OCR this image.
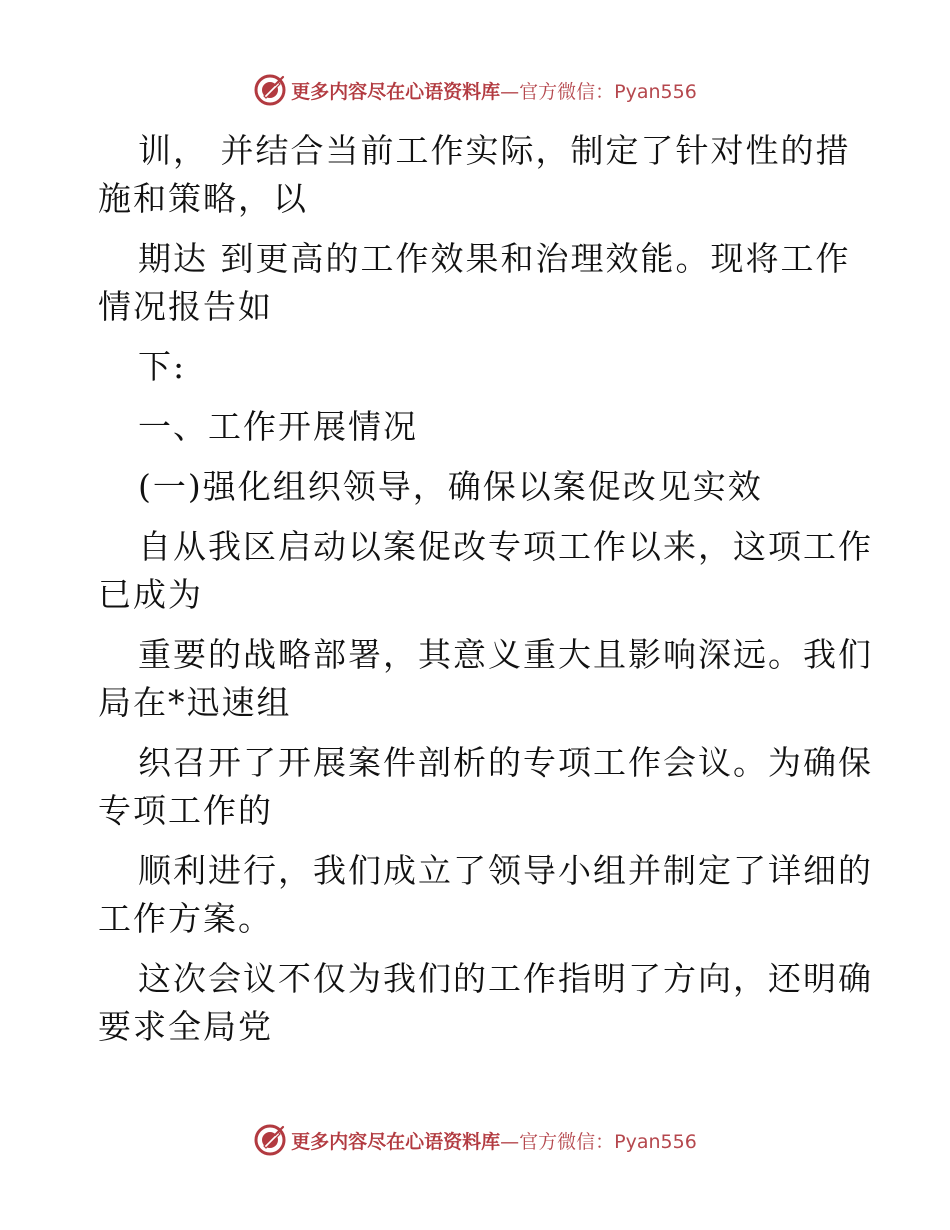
更多内容尽在心语资料库—官方微信：Pyan556
训， 并结合当前工作实际，制定了针对性的措
施和策略，以
期达 到更高的工作效果和治理效能。现将工作
情况报告如
下:
一、工作开展情况
(一)强化组织领导，确保以案促改见实效
自从我区启动以案促改专项工作以来，这项工作
已成为
重要的战略部署，其意义重大且影响深远。我们
局在*迅速组
织召开了开展案件剖析的专项工作会议。为确保
专项工作的
顺利进行，我们成立了领导小组并制定了详细的
工作方案。
这次会议不仅为我们的工作指明了方向，还明确
要求全局党
更多内容尽在心语资料库—官方微信：Pyan556
